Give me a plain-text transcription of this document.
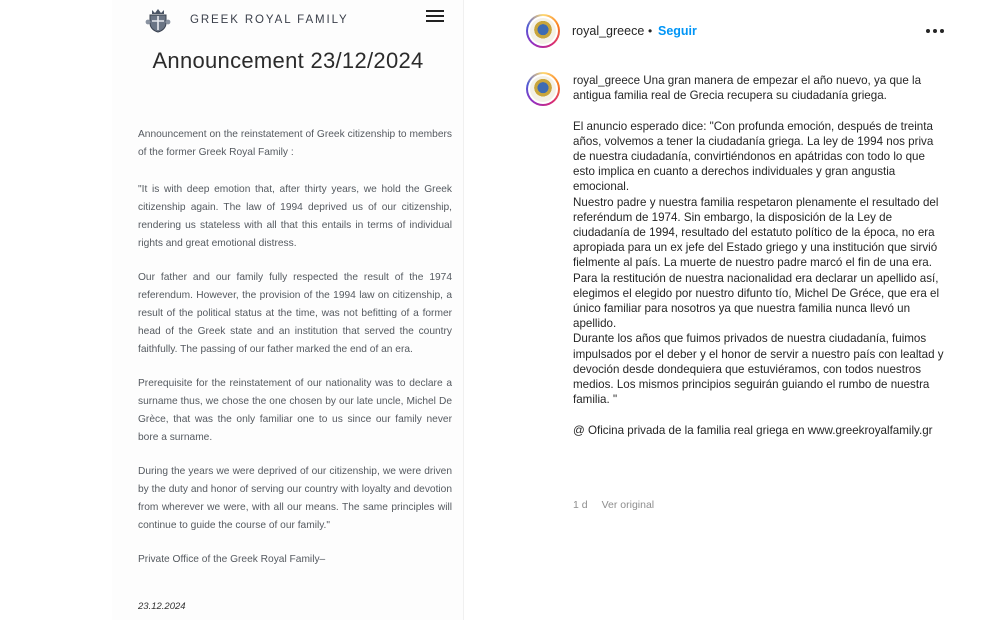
GREEK ROYAL FAMILY
Announcement 23/12/2024

Announcement on the reinstatement of Greek citizenship to members of the former Greek Royal Family :

"It is with deep emotion that, after thirty years, we hold the Greek citizenship again. The law of 1994 deprived us of our citizenship, rendering us stateless with all that this entails in terms of individual rights and great emotional distress.

Our father and our family fully respected the result of the 1974 referendum. However, the provision of the 1994 law on citizenship, a result of the political status at the time, was not befitting of a former head of the Greek state and an institution that served the country faithfully. The passing of our father marked the end of an era.

Prerequisite for the reinstatement of our nationality was to declare a surname thus, we chose the one chosen by our late uncle, Michel De Grèce, that was the only familiar one to us since our family never bore a surname.

During the years we were deprived of our citizenship, we were driven by the duty and honor of serving our country with loyalty and devotion from wherever we were, with all our means. The same principles will continue to guide the course of our family."

Private Office of the Greek Royal Family–

23.12.2024
royal_greece • Seguir

royal_greece Una gran manera de empezar el año nuevo, ya que la antigua familia real de Grecia recupera su ciudadanía griega.

El anuncio esperado dice: "Con profunda emoción, después de treinta años, volvemos a tener la ciudadanía griega. La ley de 1994 nos priva de nuestra ciudadanía, convirtiéndonos en apátridas con todo lo que esto implica en cuanto a derechos individuales y gran angustia emocional.

Nuestro padre y nuestra familia respetaron plenamente el resultado del referéndum de 1974. Sin embargo, la disposición de la Ley de ciudadanía de 1994, resultado del estatuto político de la época, no era apropiada para un ex jefe del Estado griego y una institución que sirvió fielmente al país. La muerte de nuestro padre marcó el fin de una era.

Para la restitución de nuestra nacionalidad era declarar un apellido así, elegimos el elegido por nuestro difunto tío, Michel De Gréce, que era el único familiar para nosotros ya que nuestra familia nunca llevó un apellido.

Durante los años que fuimos privados de nuestra ciudadanía, fuimos impulsados por el deber y el honor de servir a nuestro país con lealtad y devoción desde dondequiera que estuviéramos, con todos nuestros medios. Los mismos principios seguirán guiando el rumbo de nuestra familia. "

@ Oficina privada de la familia real griega en www.greekroyalfamily.gr

1 d Ver original
